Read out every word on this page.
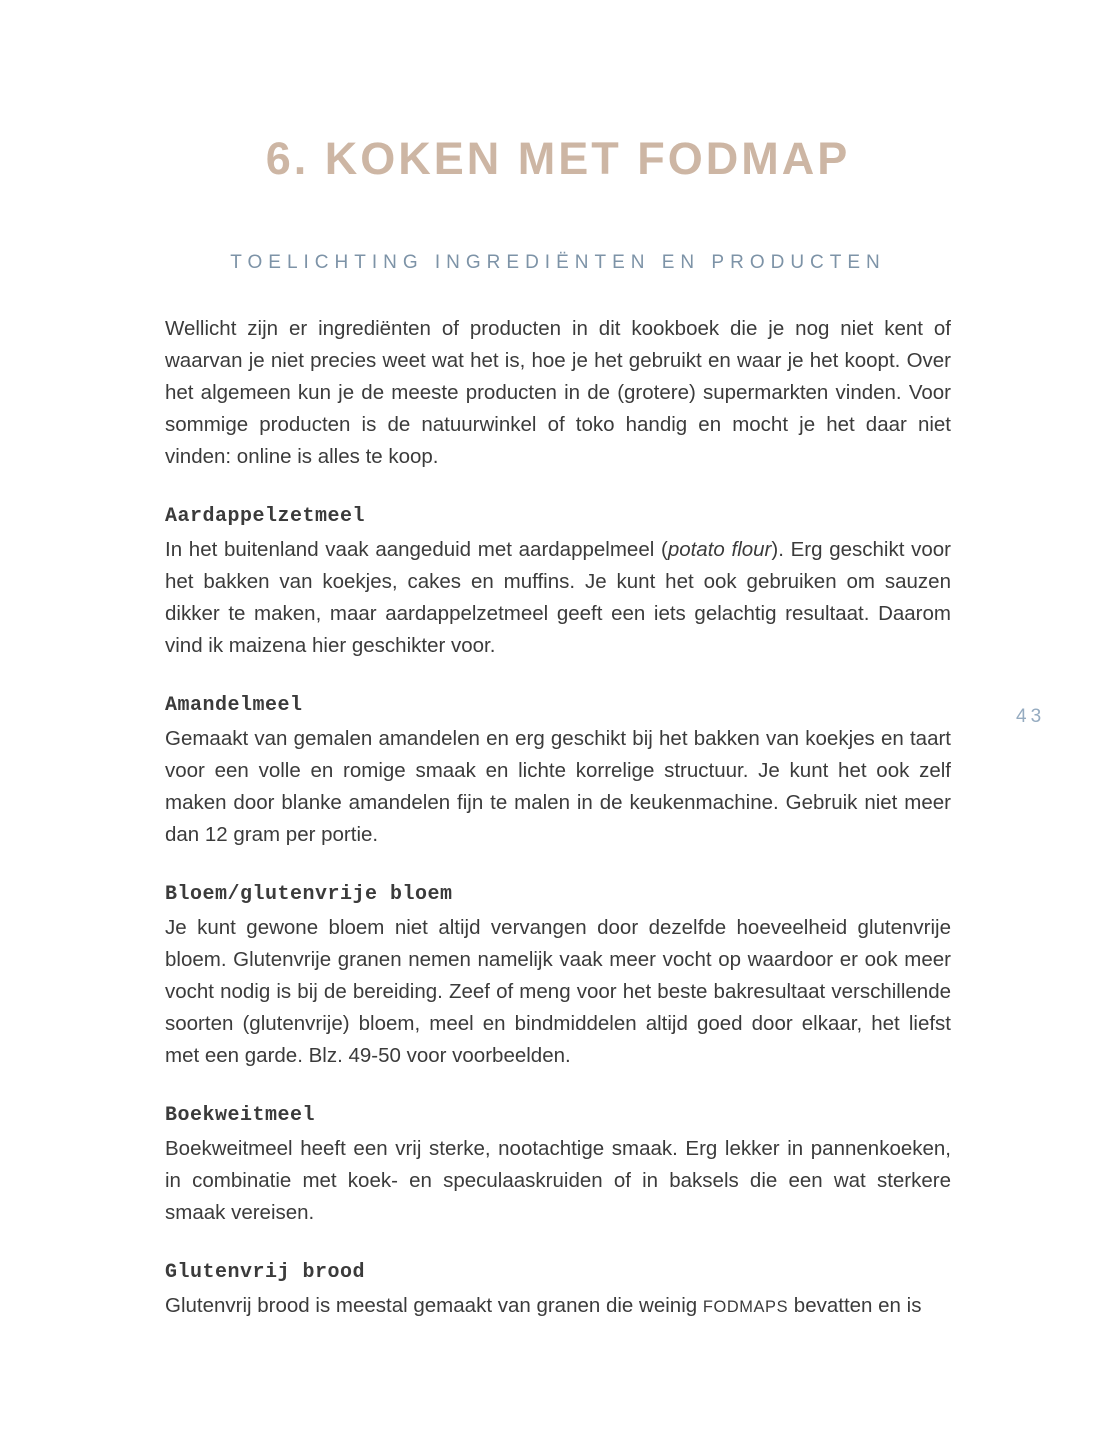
6. KOKEN MET FODMAP
TOELICHTING INGREDIËNTEN EN PRODUCTEN

Wellicht zijn er ingrediënten of producten in dit kookboek die je nog niet kent of waarvan je niet precies weet wat het is, hoe je het gebruikt en waar je het koopt. Over het algemeen kun je de meeste producten in de (grotere) supermarkten vinden. Voor sommige producten is de natuurwinkel of toko handig en mocht je het daar niet vinden: online is alles te koop.

Aardappelzetmeel

In het buitenland vaak aangeduid met aardappelmeel (potato flour). Erg geschikt voor het bakken van koekjes, cakes en muffins. Je kunt het ook gebruiken om sauzen dikker te maken, maar aardappelzetmeel geeft een iets gelachtig resultaat. Daarom vind ik maizena hier geschikter voor.

Amandelmeel

Gemaakt van gemalen amandelen en erg geschikt bij het bakken van koekjes en taart voor een volle en romige smaak en lichte korrelige structuur. Je kunt het ook zelf maken door blanke amandelen fijn te malen in de keukenmachine. Gebruik niet meer dan 12 gram per portie.

Bloem/glutenvrije bloem

Je kunt gewone bloem niet altijd vervangen door dezelfde hoeveelheid glutenvrije bloem. Glutenvrije granen nemen namelijk vaak meer vocht op waardoor er ook meer vocht nodig is bij de bereiding. Zeef of meng voor het beste bakresultaat verschillende soorten (glutenvrije) bloem, meel en bindmiddelen altijd goed door elkaar, het liefst met een garde. Blz. 49-50 voor voorbeelden.

Boekweitmeel

Boekweitmeel heeft een vrij sterke, nootachtige smaak. Erg lekker in pannenkoeken, in combinatie met koek- en speculaaskruiden of in baksels die een wat sterkere smaak vereisen.

Glutenvrij brood

Glutenvrij brood is meestal gemaakt van granen die weinig FODMAPS bevatten en is

43
